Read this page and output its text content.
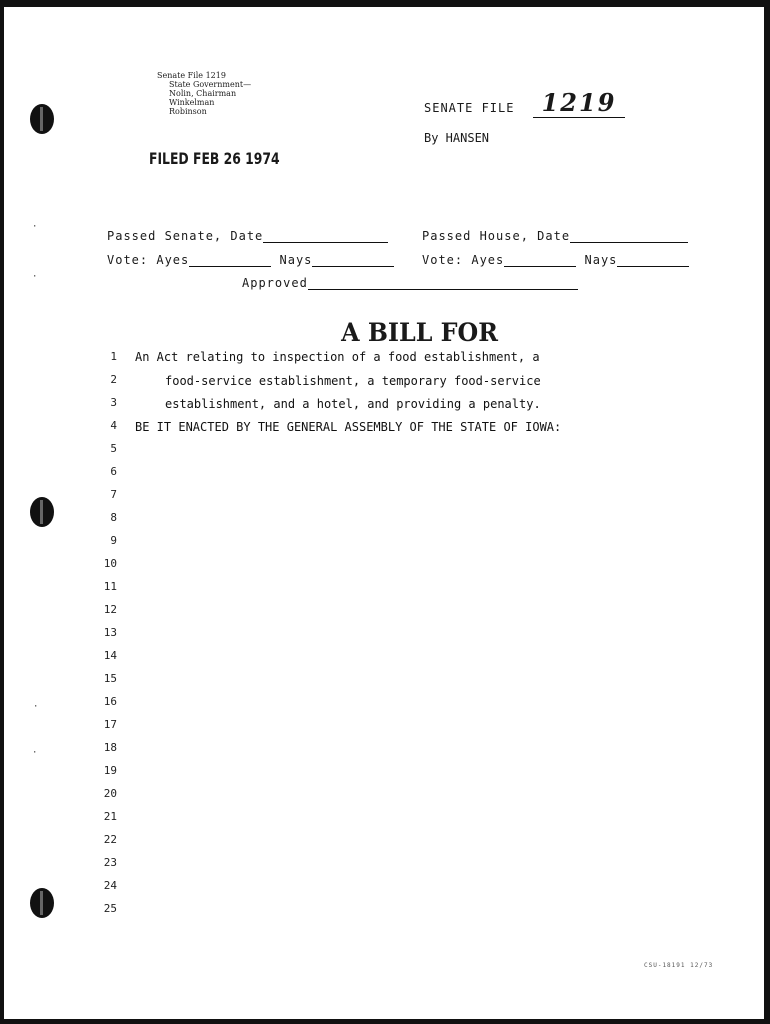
·
·
·
·
Senate File 1219
State Government—
Nolin, Chairman
Winkelman
Robinson	SENATE FILE	1219
By HANSEN
FILED FEB 26 1974
Passed Senate, Date	Passed House, Date
Vote: Ayes	Nays	Vote: Ayes	Nays
Approved
A BILL FOR
1
2
3
4
5
6
7
8
9
10
11
12
13
14
15
16
17
18
19
20
21
22
23
24
25
An Act relating to inspection of a food establishment, a
food-service establishment, a temporary food-service
establishment, and a hotel, and providing a penalty.
BE IT ENACTED BY THE GENERAL ASSEMBLY OF THE STATE OF IOWA:
CSU-18191 12/73
